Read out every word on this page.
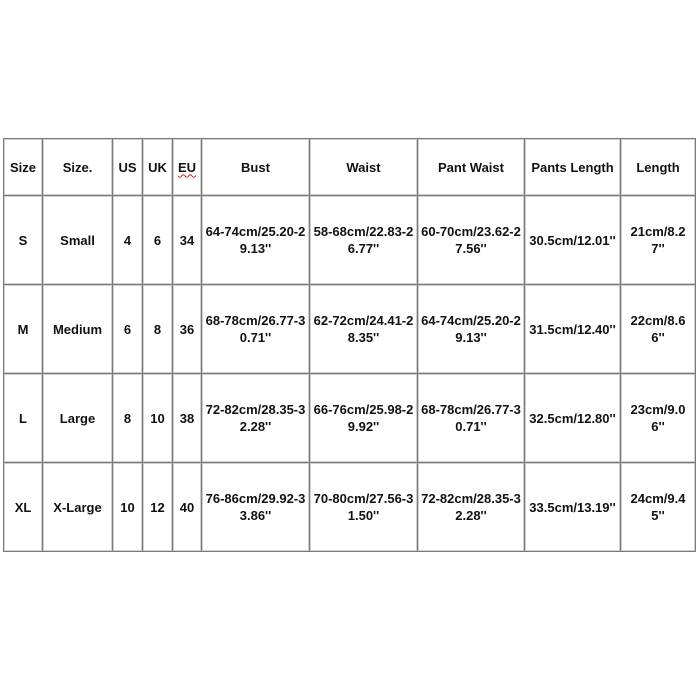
Size	Size.	US	UK	EU	Bust	Waist	Pant Waist	Pants Length	Length
S	Small	4	6	34	64-74cm/25.20-29.13''	58-68cm/22.83-26.77''	60-70cm/23.62-27.56''	30.5cm/12.01''	21cm/8.27''
M	Medium	6	8	36	68-78cm/26.77-30.71''	62-72cm/24.41-28.35''	64-74cm/25.20-29.13''	31.5cm/12.40''	22cm/8.66''
L	Large	8	10	38	72-82cm/28.35-32.28''	66-76cm/25.98-29.92''	68-78cm/26.77-30.71''	32.5cm/12.80''	23cm/9.06''
XL	X-Large	10	12	40	76-86cm/29.92-33.86''	70-80cm/27.56-31.50''	72-82cm/28.35-32.28''	33.5cm/13.19''	24cm/9.45''
